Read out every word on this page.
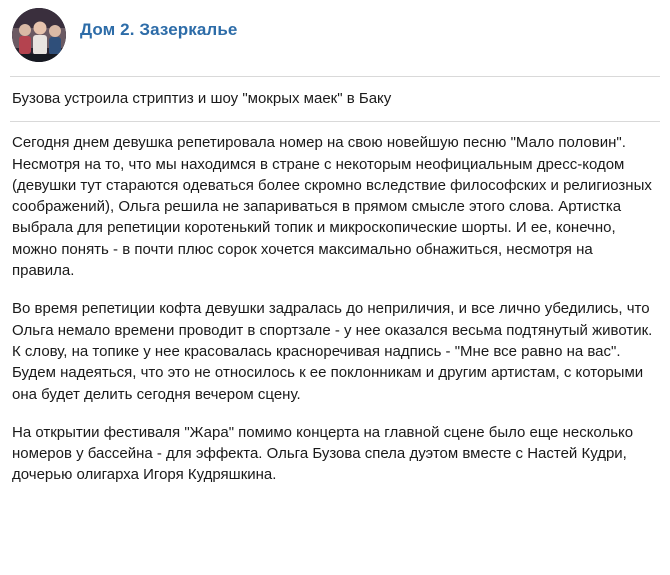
Дом 2. Зазеркалье
Бузова устроила стриптиз и шоу "мокрых маек" в Баку

Сегодня днем девушка репетировала номер на свою новейшую песню "Мало половин". Несмотря на то, что мы находимся в стране с некоторым неофициальным дресс-кодом (девушки тут стараются одеваться более скромно вследствие философских и религиозных соображений), Ольга решила не запариваться в прямом смысле этого слова. Артистка выбрала для репетиции коротенький топик и микроскопические шорты. И ее, конечно, можно понять - в почти плюс сорок хочется максимально обнажиться, несмотря на правила.

Во время репетиции кофта девушки задралась до неприличия, и все лично убедились, что Ольга немало времени проводит в спортзале - у нее оказался весьма подтянутый животик. К слову, на топике у нее красовалась красноречивая надпись - "Мне все равно на вас". Будем надеяться, что это не относилось к ее поклонникам и другим артистам, с которыми она будет делить сегодня вечером сцену.

На открытии фестиваля "Жара" помимо концерта на главной сцене было еще несколько номеров у бассейна - для эффекта. Ольга Бузова спела дуэтом вместе с Настей Кудри, дочерью олигарха Игоря Кудряшкина.
